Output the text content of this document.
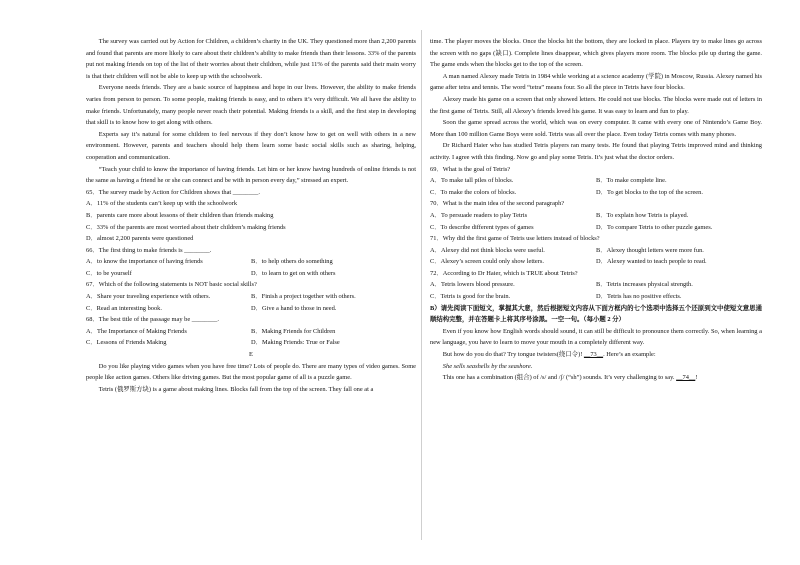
The survey was carried out by Action for Children, a children’s charity in the UK. They questioned more than 2,200 parents and found that parents are more likely to care about their children’s ability to make friends than their lessons. 33% of the parents put not making friends on top of the list of their worries about their children, while just 11% of the parents said their main worry is that their children will not be able to keep up with the schoolwork.

Everyone needs friends. They are a basic source of happiness and hope in our lives. However, the ability to make friends varies from person to person. To some people, making friends is easy, and to others it’s very difficult. We all have the ability to make friends. Unfortunately, many people never reach their potential. Making friends is a skill, and the first step in developing that skill is to know how to get along with others.

Experts say it’s natural for some children to feel nervous if they don’t know how to get on well with others in a new environment. However, parents and teachers should help them learn some basic social skills such as sharing, helping, cooperation and communication.

“Teach your child to know the importance of having friends. Let him or her know having hundreds of online friends is not the same as having a friend he or she can connect and be with in person every day,” stressed an expert.

65．The survey made by Action for Children shows that ________.

A．11% of the students can’t keep up with the schoolwork

B．parents care more about lessons of their children than friends making

C．33% of the parents are most worried about their children’s making friends

D．almost 2,200 parents were questioned

66．The first thing to make friends is ________.

A．to know the importance of having friends	B．to help others do something
C．to be yourself	D．to learn to get on with others

67．Which of the following statements is NOT basic social skills?

A．Share your traveling experience with others.	B．Finish a project together with others.
C．Read an interesting book.	D．Give a hand to those in need.

68．The best title of the passage may be ________.

A．The Importance of Making Friends	B．Making Friends for Children
C．Lessons of Friends Making	D．Making Friends: True or False

E

Do you like playing video games when you have free time? Lots of people do. There are many types of video games. Some people like action games. Others like driving games. But the most popular game of all is a puzzle game.

Tetris (俄罗斯方块) is a game about making lines. Blocks fall from the top of the screen. They fall one at a

time. The player moves the blocks. Once the blocks hit the bottom, they are locked in place. Players try to make lines go across the screen with no gaps (缺口). Complete lines disappear, which gives players more room. The blocks pile up during the game. The game ends when the blocks get to the top of the screen.

A man named Alexey made Tetris in 1984 while working at a science academy (学院) in Moscow, Russia. Alexey named his game after tetra and tennis. The word “tetra” means four. So all the piece in Tetris have four blocks.

Alexey made his game on a screen that only showed letters. He could not use blocks. The blocks were made out of letters in the first game of Tetris. Still, all Alexey’s friends loved his game. It was easy to learn and fun to play.

Soon the game spread across the world, which was on every computer. It came with every one of Nintendo’s Game Boy. More than 100 million Game Boys were sold. Tetris was all over the place. Even today Tetris comes with many phones.

Dr Richard Haier who has studied Tetris players ran many tests. He found that playing Tetris improved mind and thinking activity. I agree with this finding. Now go and play some Tetris. It’s just what the doctor orders.

69．What is the goal of Tetris?

A．To make tall piles of blocks.	B．To make complete line.
C．To make the colors of blocks.	D．To get blocks to the top of the screen.

70．What is the main idea of the second paragraph?

A．To persuade readers to play Tetris	B．To explain how Tetris is played.
C．To describe different types of games	D．To compare Tetris to other puzzle games.

71．Why did the first game of Tetris use letters instead of blocks?

A．Alexey did not think blocks were useful.	B．Alexey thought letters were more fun.
C．Alexey’s screen could only show letters.	D．Alexey wanted to teach people to read.

72．According to Dr Haier, which is TRUE about Tetris?

A．Tetris lowers blood pressure.	B．Tetris increases physical strength.
C．Tetris is good for the brain.	D．Tetris has no positive effects.

B）请先阅读下面短文，掌握其大意，然后根据短文内容从下面方框内的七个选项中选择五个还原到文中使短文意思通顺结构完整，并在答题卡上将其序号涂黑。一空一句。（每小题 2 分）

Even if you know how English words should sound, it can still be difficult to pronounce them correctly. So, when learning a new language, you have to learn to move your mouth in a completely different way.

But how do you do that? Try tongue twisters(绕口令)! __73__. Here’s an example:

She sells seashells by the seashore.

This one has a combination (组合) of /s/ and /ʃ/ (“sh”) sounds. It’s very challenging to say. __74__!
